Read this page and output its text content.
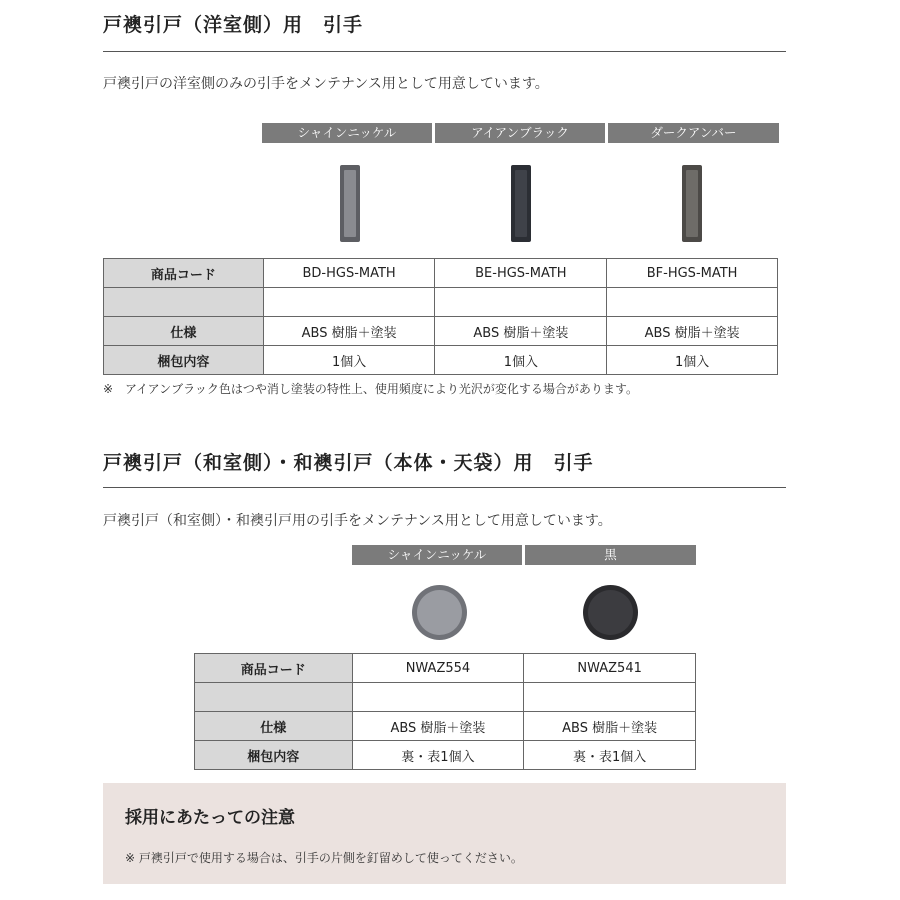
戸襖引戸（洋室側）用　引手
戸襖引戸の洋室側のみの引手をメンテナンス用として用意しています。
シャインニッケル	アイアンブラック	ダークアンバー
商品コード	BD-HGS-MATH	BE-HGS-MATH	BF-HGS-MATH

仕様	ABS 樹脂＋塗装	ABS 樹脂＋塗装	ABS 樹脂＋塗装
梱包内容	1個入	1個入	1個入
※　アイアンブラック色はつや消し塗装の特性上、使用頻度により光沢が変化する場合があります。
戸襖引戸（和室側）・和襖引戸（本体・天袋）用　引手
戸襖引戸（和室側）・和襖引戸用の引手をメンテナンス用として用意しています。
シャインニッケル	黒
商品コード	NWAZ554	NWAZ541

仕様	ABS 樹脂＋塗装	ABS 樹脂＋塗装
梱包内容	裏・表1個入	裏・表1個入
採用にあたっての注意
※ 戸襖引戸で使用する場合は、引手の片側を釘留めして使ってください。
